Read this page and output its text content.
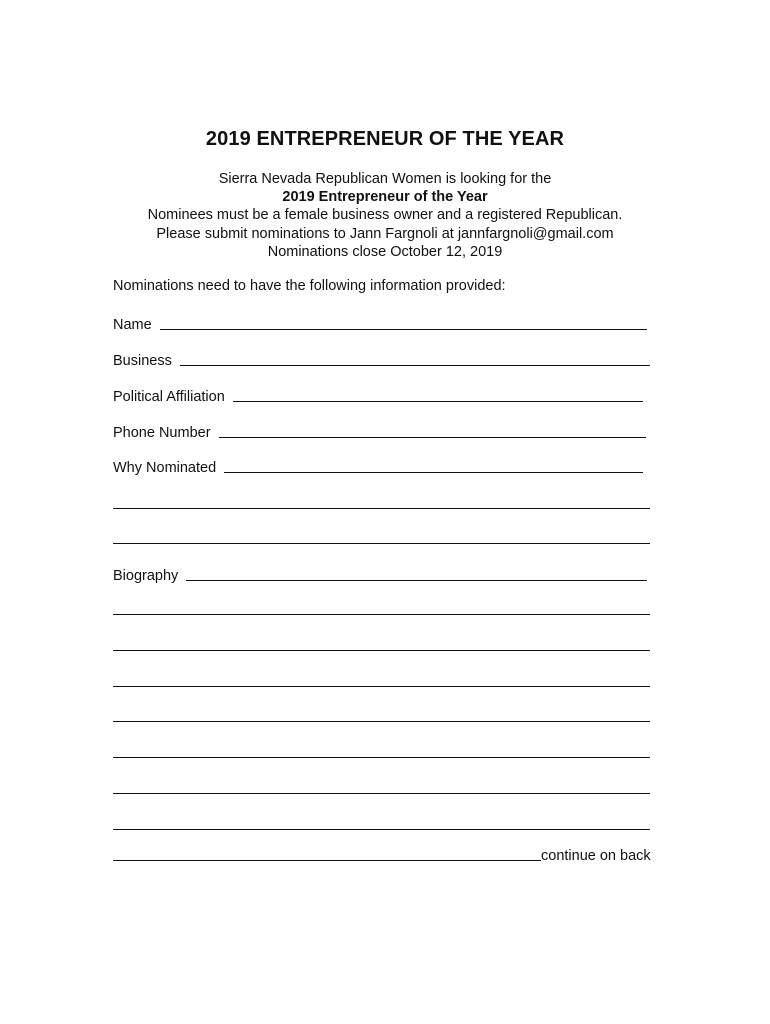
2019 ENTREPRENEUR OF THE YEAR
Sierra Nevada Republican Women is looking for the
2019 Entrepreneur of the Year
Nominees must be a female business owner and a registered Republican.
Please submit nominations to Jann Fargnoli at jannfargnoli@gmail.com
Nominations close October 12, 2019
Nominations need to have the following information provided:
Name
Business
Political Affiliation
Phone Number
Why Nominated
Biography
continue on back
